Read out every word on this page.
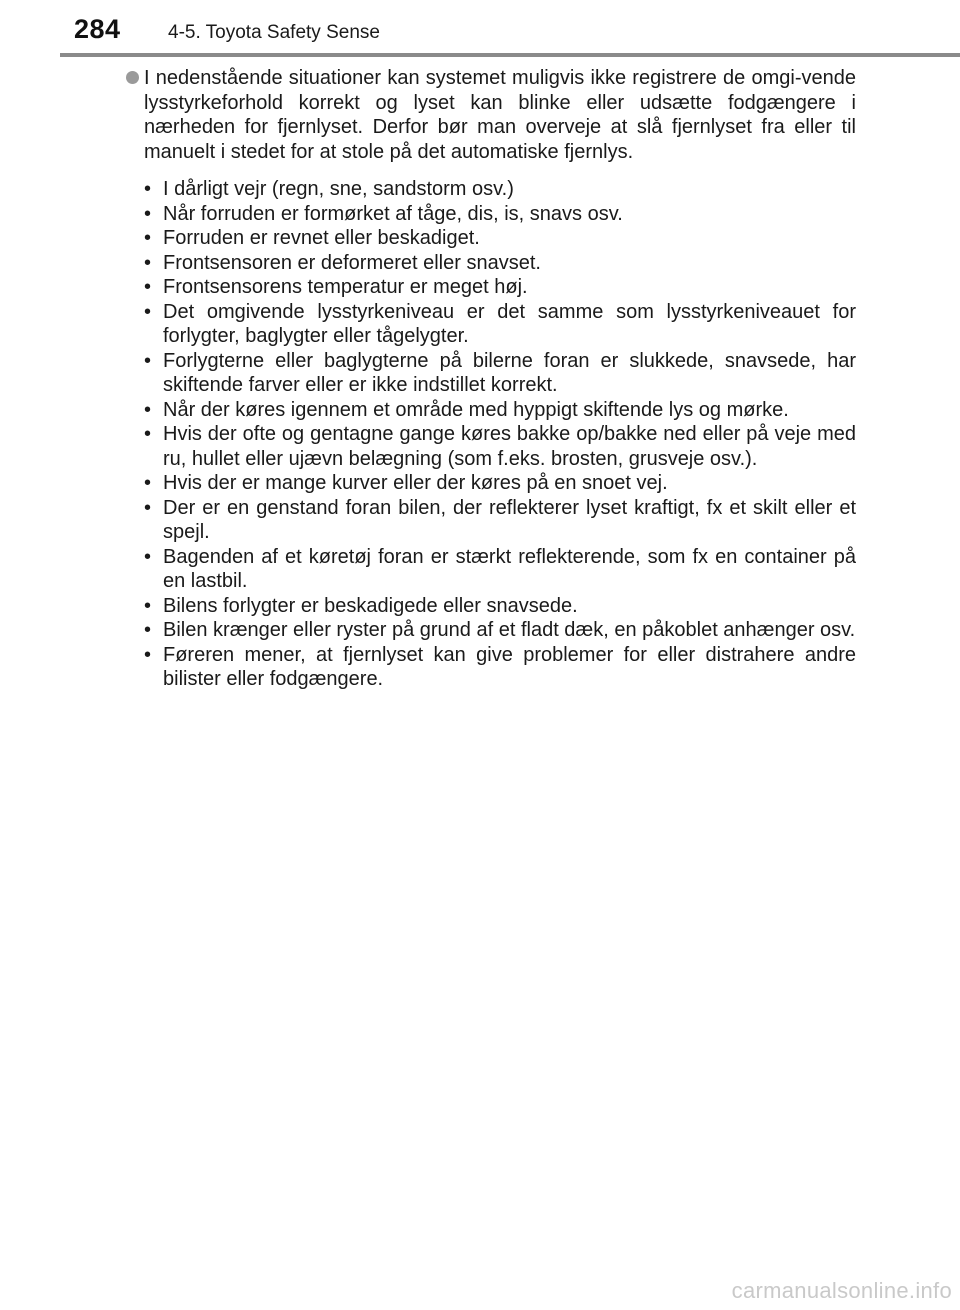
284 4-5. Toyota Safety Sense
I nedenstående situationer kan systemet muligvis ikke registrere de omgi-vende lysstyrkeforhold korrekt og lyset kan blinke eller udsætte fodgængere i nærheden for fjernlyset. Derfor bør man overveje at slå fjernlyset fra eller til manuelt i stedet for at stole på det automatiske fjernlys.
• I dårligt vejr (regn, sne, sandstorm osv.)
• Når forruden er formørket af tåge, dis, is, snavs osv.
• Forruden er revnet eller beskadiget.
• Frontsensoren er deformeret eller snavset.
• Frontsensorens temperatur er meget høj.
• Det omgivende lysstyrkeniveau er det samme som lysstyrkeniveauet for forlygter, baglygter eller tågelygter.
• Forlygterne eller baglygterne på bilerne foran er slukkede, snavsede, har skiftende farver eller er ikke indstillet korrekt.
• Når der køres igennem et område med hyppigt skiftende lys og mørke.
• Hvis der ofte og gentagne gange køres bakke op/bakke ned eller på veje med ru, hullet eller ujævn belægning (som f.eks. brosten, grusveje osv.).
• Hvis der er mange kurver eller der køres på en snoet vej.
• Der er en genstand foran bilen, der reflekterer lyset kraftigt, fx et skilt eller et spejl.
• Bagenden af et køretøj foran er stærkt reflekterende, som fx en container på en lastbil.
• Bilens forlygter er beskadigede eller snavsede.
• Bilen krænger eller ryster på grund af et fladt dæk, en påkoblet anhænger osv.
• Føreren mener, at fjernlyset kan give problemer for eller distrahere andre bilister eller fodgængere.
carmanualsonline.info
